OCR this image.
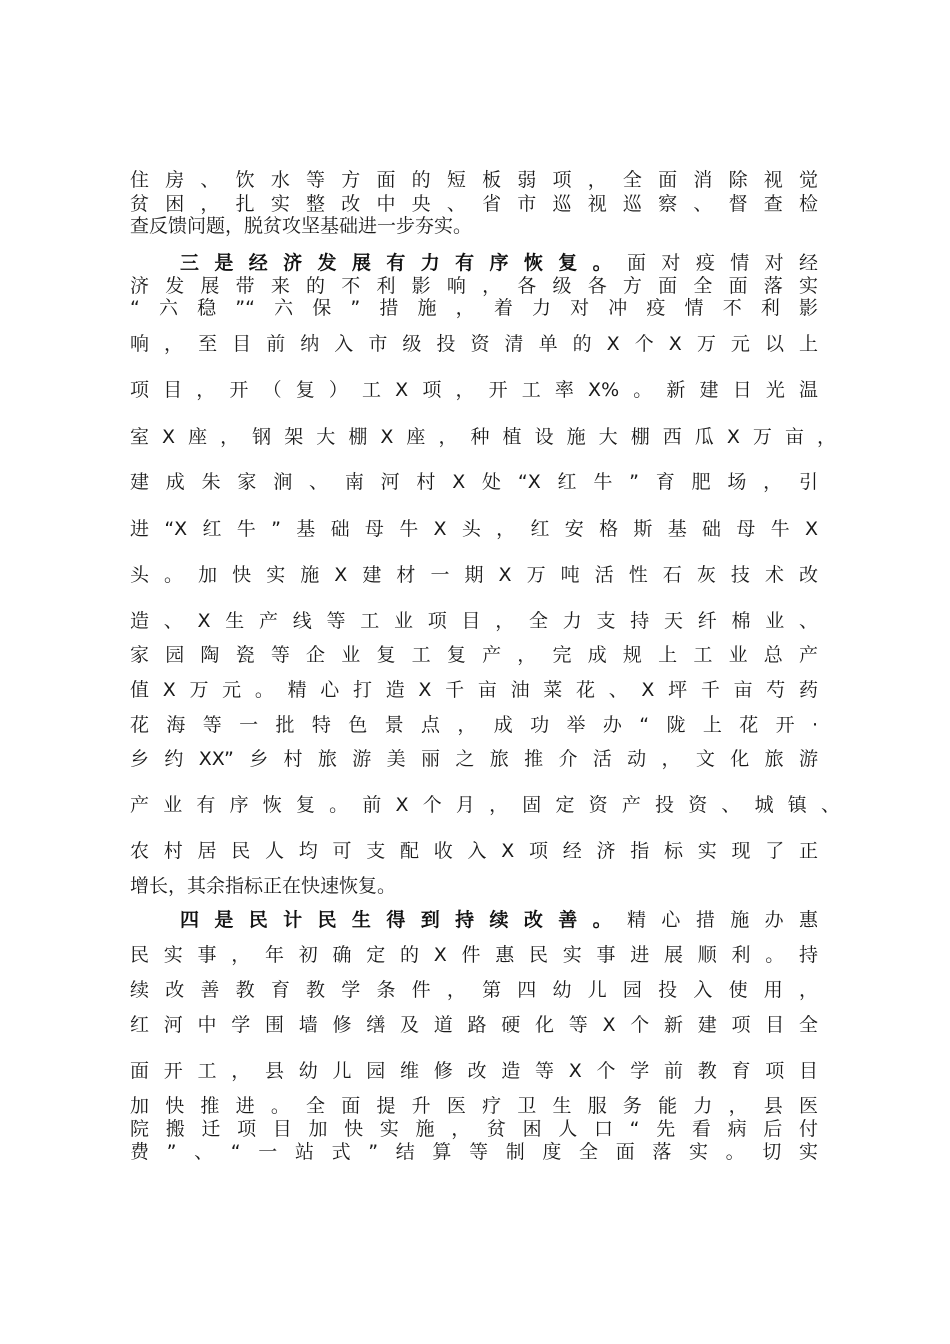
住房、饮水等方面的短板弱项，全面消除视觉
贫困，扎实整改中央、省市巡视巡察、督查检
查反馈问题，脱贫攻坚基础进一步夯实。
三是经济发展有力有序恢复。面对疫情对经
济发展带来的不利影响，各级各方面全面落实
“六稳”“六保”措施，着力对冲疫情不利影
响，至目前纳入市级投资清单的X个X万元以上
项目，开（复）工X项，开工率X%。新建日光温
室X座，钢架大棚X座，种植设施大棚西瓜X万亩，
建成朱家涧、南河村X处“X红牛”育肥场，引
进“X红牛”基础母牛X头，红安格斯基础母牛X
头。加快实施X建材一期X万吨活性石灰技术改
造、X生产线等工业项目，全力支持天纤棉业、
家园陶瓷等企业复工复产，完成规上工业总产
值X万元。精心打造X千亩油菜花、X坪千亩芍药
花海等一批特色景点，成功举办“陇上花开·
乡约XX”乡村旅游美丽之旅推介活动，文化旅游
产业有序恢复。前X个月，固定资产投资、城镇、
农村居民人均可支配收入X项经济指标实现了正
增长，其余指标正在快速恢复。
四是民计民生得到持续改善。精心措施办惠
民实事，年初确定的X件惠民实事进展顺利。持
续改善教育教学条件，第四幼儿园投入使用，
红河中学围墙修缮及道路硬化等X个新建项目全
面开工，县幼儿园维修改造等X个学前教育项目
加快推进。全面提升医疗卫生服务能力，县医
院搬迁项目加快实施，贫困人口“先看病后付
费”、“一站式”结算等制度全面落实。切实
